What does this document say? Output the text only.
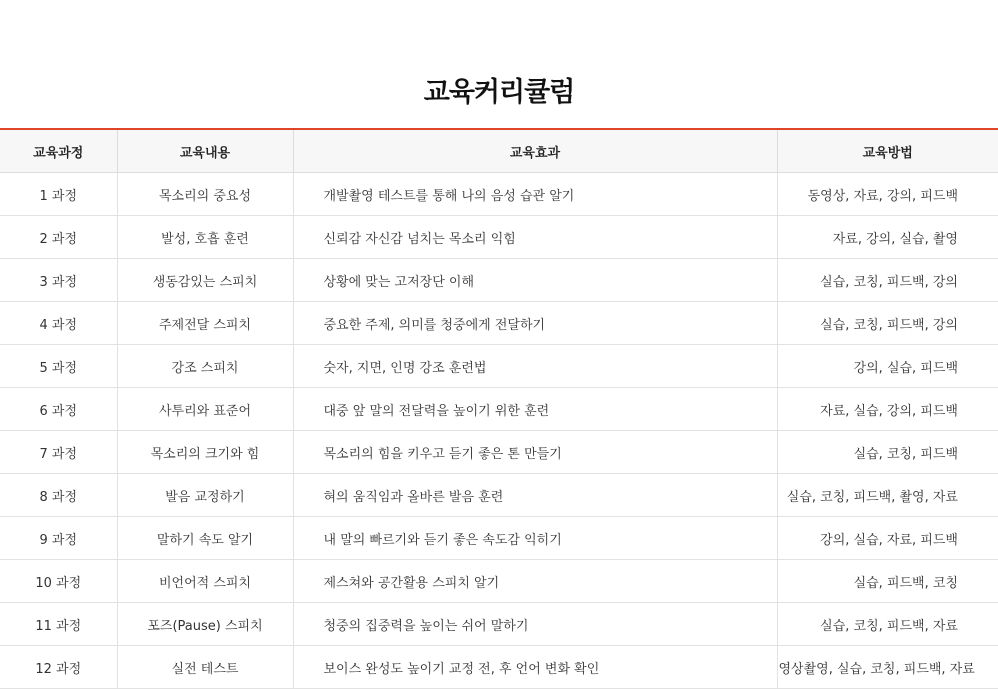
교육커리큘럼
교육과정	교육내용	교육효과	교육방법
1 과정	목소리의 중요성	개발촬영 테스트를 통해 나의 음성 습관 알기	동영상, 자료, 강의, 피드백
2 과정	발성, 호흡 훈련	신뢰감 자신감 넘치는 목소리 익힘	자료, 강의, 실습, 촬영
3 과정	생동감있는 스피치	상황에 맞는 고저장단 이해	실습, 코칭, 피드백, 강의
4 과정	주제전달 스피치	중요한 주제, 의미를 청중에게 전달하기	실습, 코칭, 피드백, 강의
5 과정	강조 스피치	숫자, 지면, 인명 강조 훈련법	강의, 실습, 피드백
6 과정	사투리와 표준어	대중 앞 말의 전달력을 높이기 위한 훈련	자료, 실습, 강의, 피드백
7 과정	목소리의 크기와 힘	목소리의 힘을 키우고 듣기 좋은 톤 만들기	실습, 코칭, 피드백
8 과정	발음 교정하기	혀의 움직임과 올바른 발음 훈련	실습, 코칭, 피드백, 촬영, 자료
9 과정	말하기 속도 알기	내 말의 빠르기와 듣기 좋은 속도감 익히기	강의, 실습, 자료, 피드백
10 과정	비언어적 스피치	제스쳐와 공간활용 스피치 알기	실습, 피드백, 코칭
11 과정	포즈(Pause) 스피치	청중의 집중력을 높이는 쉬어 말하기	실습, 코칭, 피드백, 자료
12 과정	실전 테스트	보이스 완성도 높이기 교정 전, 후 언어 변화 확인	영상촬영, 실습, 코칭, 피드백, 자료
